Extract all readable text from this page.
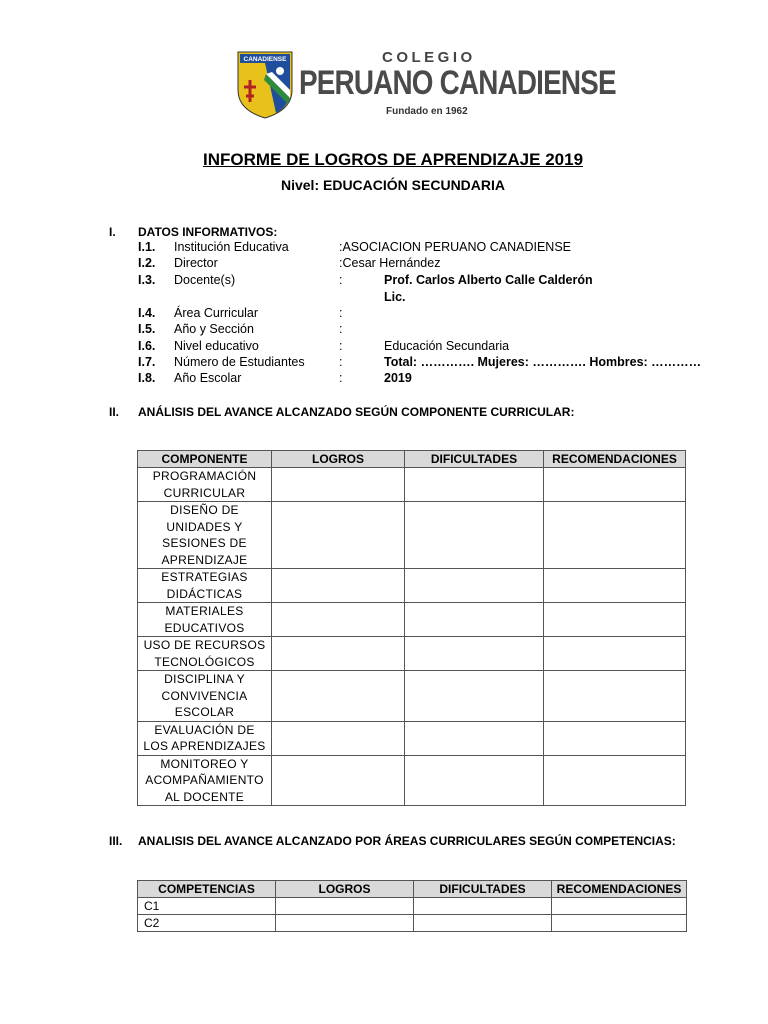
CANADIENSE	COLEGIO
PERUANO CANADIENSE
Fundado en 1962
INFORME DE LOGROS DE APRENDIZAJE 2019
Nivel: EDUCACIÓN SECUNDARIA
I. DATOS INFORMATIVOS:
I.1. Institución Educativa	:ASOCIACION PERUANO CANADIENSE
I.2. Director	:Cesar Hernández
I.3. Docente(s)	:	Prof. Carlos Alberto Calle Calderón
Lic.
I.4. Área Curricular	:
I.5. Año y Sección	:
I.6. Nivel educativo	:	Educación Secundaria
I.7. Número de Estudiantes	:	Total: …………. Mujeres: …………. Hombres: …………
I.8. Año Escolar	:	2019
II. ANÁLISIS DEL AVANCE ALCANZADO SEGÚN COMPONENTE CURRICULAR:
COMPONENTE	LOGROS	DIFICULTADES	RECOMENDACIONES

PROGRAMACIÓN
CURRICULAR			

DISEÑO DE
UNIDADES Y
SESIONES DE
APRENDIZAJE			

ESTRATEGIAS
DIDÁCTICAS			

MATERIALES
EDUCATIVOS			

USO DE RECURSOS
TECNOLÓGICOS			

DISCIPLINA Y
CONVIVENCIA
ESCOLAR			

EVALUACIÓN DE
LOS APRENDIZAJES			

MONITOREO Y
ACOMPAÑAMIENTO
AL DOCENTE			

III. ANALISIS DEL AVANCE ALCANZADO POR ÁREAS CURRICULARES SEGÚN COMPETENCIAS:
COMPETENCIAS	LOGROS	DIFICULTADES	RECOMENDACIONES
C1			
C2			
